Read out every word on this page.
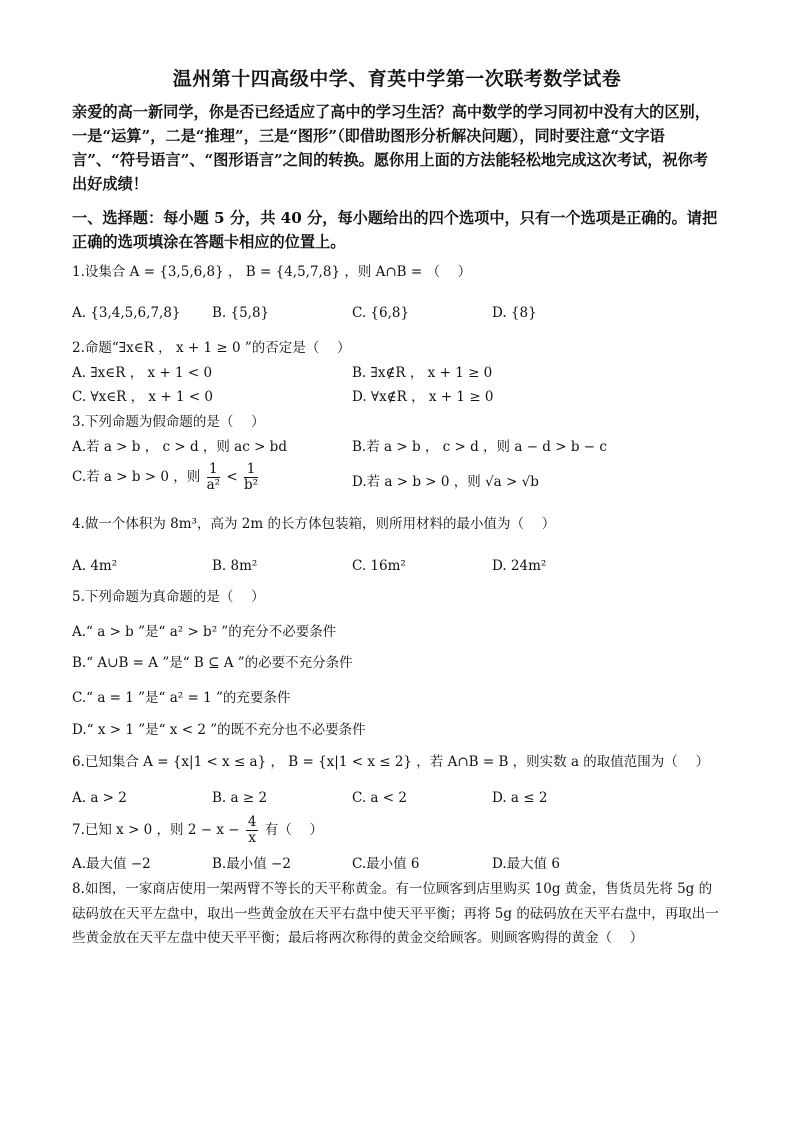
温州第十四高级中学、育英中学第一次联考数学试卷
亲爱的高一新同学，你是否已经适应了高中的学习生活？高中数学的学习同初中没有大的区别，一是“运算”，二是“推理”，三是“图形”（即借助图形分析解决问题），同时要注意“文字语言”、“符号语言”、“图形语言”之间的转换。愿你用上面的方法能轻松地完成这次考试，祝你考出好成绩！
一、选择题：每小题 5 分，共 40 分，每小题给出的四个选项中，只有一个选项是正确的。请把正确的选项填涂在答题卡相应的位置上。
1.设集合 A = {3,5,6,8} ， B = {4,5,7,8} ，则 A∩B = （　 ）
A. {3,4,5,6,7,8} B. {5,8}	C. {6,8}	D. {8}
2.命题“∃x∈R ， x + 1 ≥ 0 ”的否定是（　 ）
A. ∃x∈R ， x + 1 < 0	B. ∃x∉R ， x + 1 ≥ 0
C. ∀x∈R ， x + 1 < 0	D. ∀x∉R ， x + 1 ≥ 0
3.下列命题为假命题的是（　 ）
A.若 a > b ， c > d ，则 ac > bd	B.若 a > b ， c > d ，则 a − d > b − c
C.若 a > b > 0 ，则 $\frac{1}{\text{a²}} < \frac{1}{\text{b²}}$	D.若 a > b > 0 ，则 √a > √b
4.做一个体积为 8m³，高为 2m 的长方体包装箱，则所用材料的最小值为（　 ）
A. 4m²	B. 8m²	C. 16m²	D. 24m²
5.下列命题为真命题的是（　 ）
A.“ a > b ”是“ a² > b² ”的充分不必要条件
B.“ A∪B = A ”是“ B ⊆ A ”的必要不充分条件
C.“ a = 1 ”是“ a² = 1 ”的充要条件
D.“ x > 1 ”是“ x < 2 ”的既不充分也不必要条件
6.已知集合 A = {x|1 < x ≤ a} ， B = {x|1 < x ≤ 2} ，若 A∩B = B ，则实数 a 的取值范围为（　 ）
A. a > 2	B. a ≥ 2	C. a < 2	D. a ≤ 2
7.已知 x > 0 ，则 $2 - x - \frac{4}{x}$ 有（　 ）
A.最大值 −2	B.最小值 −2	C.最小值 6	D.最大值 6
8.如图，一家商店使用一架两臂不等长的天平称黄金。有一位顾客到店里购买 10g 黄金，售货员先将 5g 的砝码放在天平左盘中，取出一些黄金放在天平右盘中使天平平衡；再将 5g 的砝码放在天平右盘中，再取出一些黄金放在天平左盘中使天平平衡；最后将两次称得的黄金交给顾客。则顾客购得的黄金（　 ）
